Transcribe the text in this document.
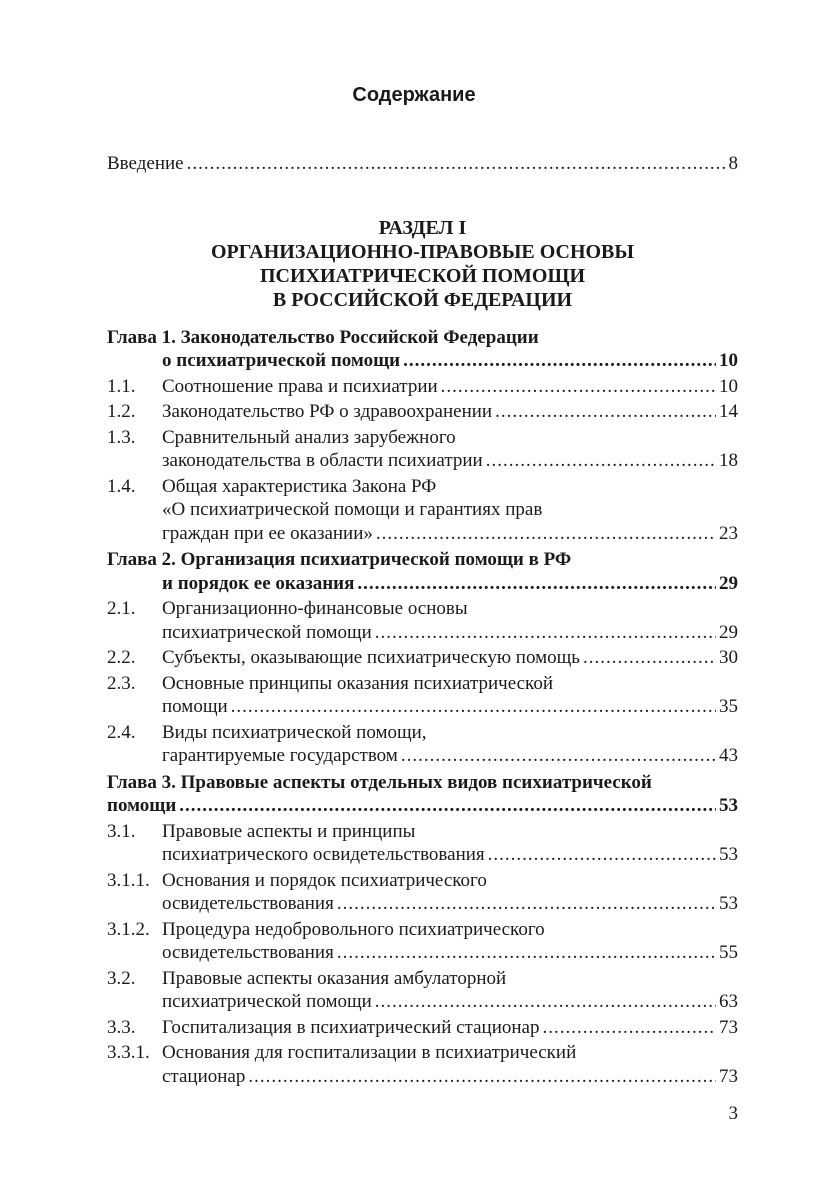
Содержание
Введение .....	8
РАЗДЕЛ I
ОРГАНИЗАЦИОННО-ПРАВОВЫЕ ОСНОВЫ
ПСИХИАТРИЧЕСКОЙ ПОМОЩИ
В РОССИЙСКОЙ ФЕДЕРАЦИИ
Глава 1. Законодательство Российской Федерации
о психиатрической помощи .....	10
1.1.	Соотношение права и психиатрии .....	10
1.2.	Законодательство РФ о здравоохранении .....	14
1.3.	Сравнительный анализ зарубежного
законодательства в области психиатрии .....	18
1.4.	Общая характеристика Закона РФ
«О психиатрической помощи и гарантиях прав
граждан при ее оказании» .....	23
Глава 2. Организация психиатрической помощи в РФ
и порядок ее оказания .....	29
2.1.	Организационно-финансовые основы
психиатрической помощи .....	29
2.2.	Субъекты, оказывающие психиатрическую помощь .....	30
2.3.	Основные принципы оказания психиатрической
помощи .....	35
2.4.	Виды психиатрической помощи,
гарантируемые государством .....	43
Глава 3. Правовые аспекты отдельных видов психиатрической
помощи .....	53
3.1.	Правовые аспекты и принципы
психиатрического освидетельствования .....	53
3.1.1. Основания и порядок психиатрического
освидетельствования .....	53
3.1.2. Процедура недобровольного психиатрического
освидетельствования .....	55
3.2.	Правовые аспекты оказания амбулаторной
психиатрической помощи .....	63
3.3.	Госпитализация в психиатрический стационар .....	73
3.3.1. Основания для госпитализации в психиатрический
стационар .....	73
3
